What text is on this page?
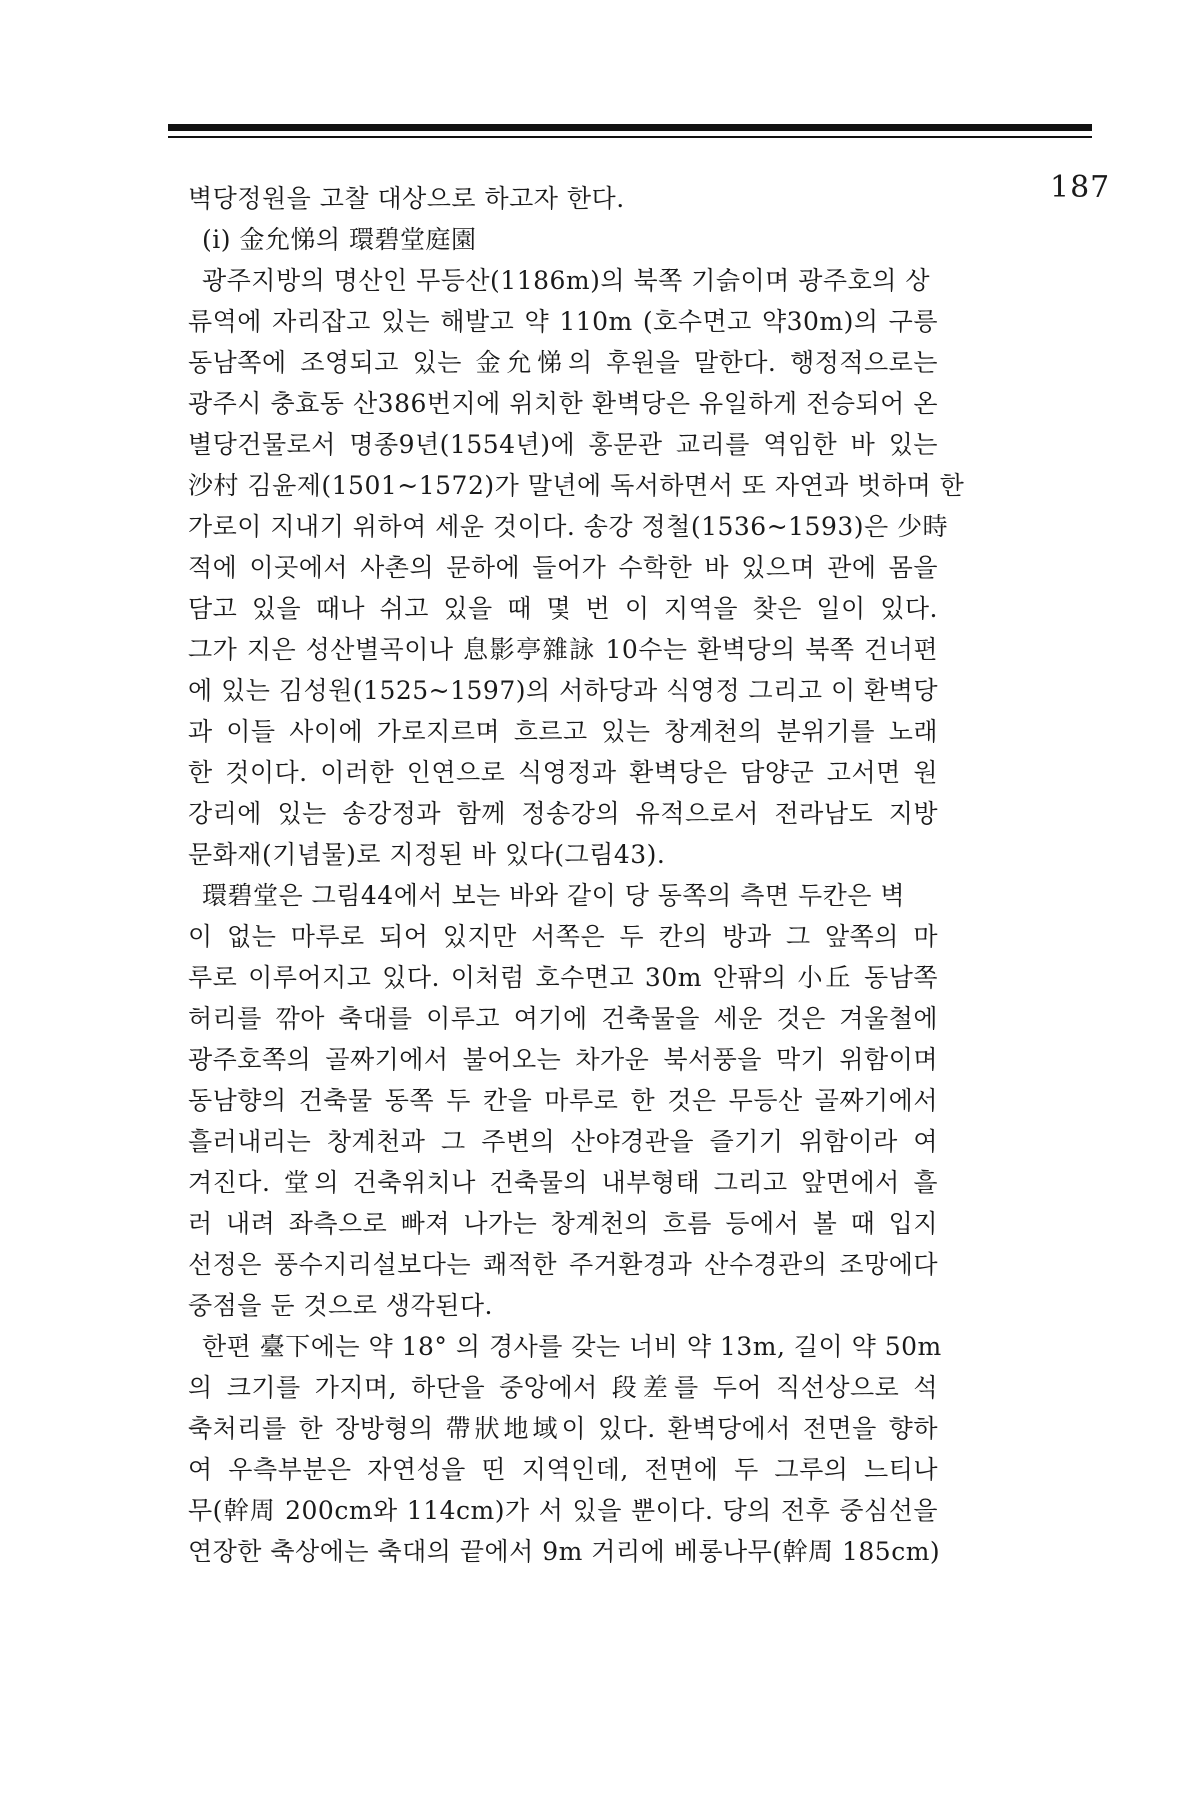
187
벽당정원을 고찰 대상으로 하고자 한다.
(i) 金允悌의 環碧堂庭園
광주지방의 명산인 무등산(1186m)의 북쪽 기슭이며 광주호의 상
류역에 자리잡고 있는 해발고 약 110m (호수면고 약30m)의 구릉
동남쪽에 조영되고 있는 金允悌의 후원을 말한다. 행정적으로는
광주시 충효동 산386번지에 위치한 환벽당은 유일하게 전승되어 온
별당건물로서 명종9년(1554년)에 홍문관 교리를 역임한 바 있는
沙村 김윤제(1501~1572)가 말년에 독서하면서 또 자연과 벗하며 한
가로이 지내기 위하여 세운 것이다. 송강 정철(1536~1593)은 少時
적에 이곳에서 사촌의 문하에 들어가 수학한 바 있으며 관에 몸을
담고 있을 때나 쉬고 있을 때 몇 번 이 지역을 찾은 일이 있다.
그가 지은 성산별곡이나 息影亭雜詠 10수는 환벽당의 북쪽 건너편
에 있는 김성원(1525~1597)의 서하당과 식영정 그리고 이 환벽당
과 이들 사이에 가로지르며 흐르고 있는 창계천의 분위기를 노래
한 것이다. 이러한 인연으로 식영정과 환벽당은 담양군 고서면 원
강리에 있는 송강정과 함께 정송강의 유적으로서 전라남도 지방
문화재(기념물)로 지정된 바 있다(그림43).
環碧堂은 그림44에서 보는 바와 같이 당 동쪽의 측면 두칸은 벽
이 없는 마루로 되어 있지만 서쪽은 두 칸의 방과 그 앞쪽의 마
루로 이루어지고 있다. 이처럼 호수면고 30m 안팎의 小丘 동남쪽
허리를 깎아 축대를 이루고 여기에 건축물을 세운 것은 겨울철에
광주호쪽의 골짜기에서 불어오는 차가운 북서풍을 막기 위함이며
동남향의 건축물 동쪽 두 칸을 마루로 한 것은 무등산 골짜기에서
흘러내리는 창계천과 그 주변의 산야경관을 즐기기 위함이라 여
겨진다. 堂의 건축위치나 건축물의 내부형태 그리고 앞면에서 흘
러 내려 좌측으로 빠져 나가는 창계천의 흐름 등에서 볼 때 입지
선정은 풍수지리설보다는 쾌적한 주거환경과 산수경관의 조망에다
중점을 둔 것으로 생각된다.
한편 臺下에는 약 18° 의 경사를 갖는 너비 약 13m, 길이 약 50m
의 크기를 가지며, 하단을 중앙에서 段差를 두어 직선상으로 석
축처리를 한 장방형의 帶狀地域이 있다. 환벽당에서 전면을 향하
여 우측부분은 자연성을 띤 지역인데, 전면에 두 그루의 느티나
무(幹周 200cm와 114cm)가 서 있을 뿐이다. 당의 전후 중심선을
연장한 축상에는 축대의 끝에서 9m 거리에 베롱나무(幹周 185cm)
